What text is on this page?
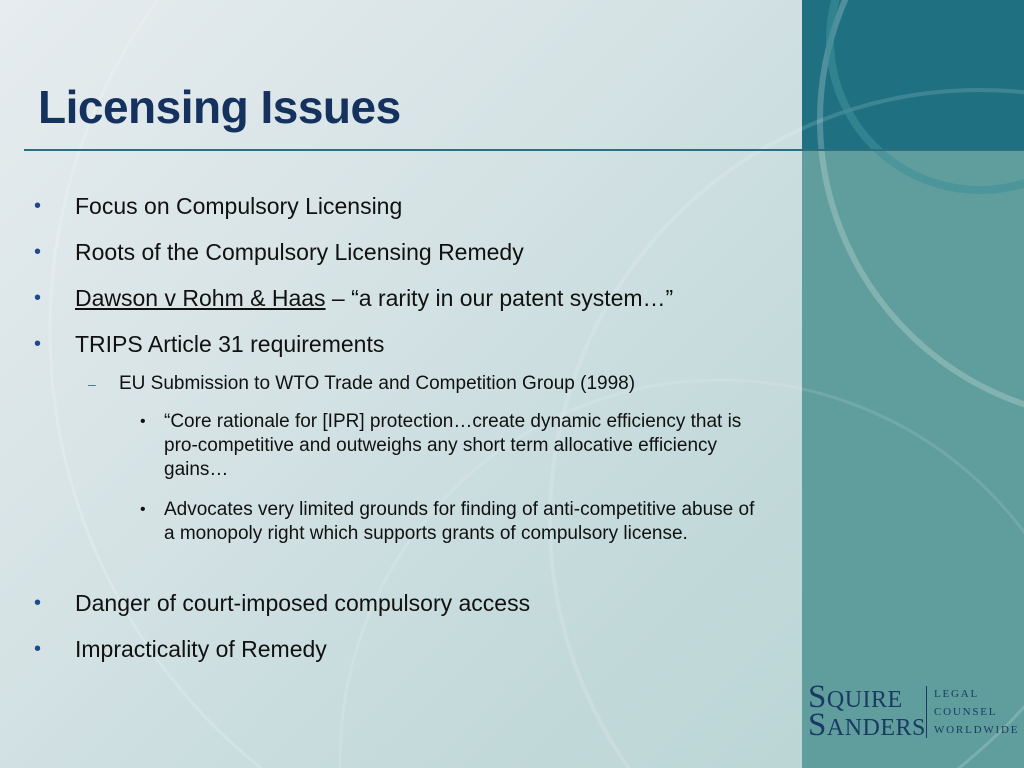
Licensing Issues
• Focus on Compulsory Licensing
• Roots of the Compulsory Licensing Remedy
• Dawson v Rohm & Haas – “a rarity in our patent system…”
• TRIPS Article 31 requirements
– EU Submission to WTO Trade and Competition Group (1998)
• “Core rationale for [IPR] protection…create dynamic efficiency that is pro-competitive and outweighs any short term allocative efficiency gains…
• Advocates very limited grounds for finding of anti-competitive abuse of a monopoly right which supports grants of compulsory license.
• Danger of court-imposed compulsory access
• Impracticality of Remedy
SQUIRE
SANDERS
LEGAL
COUNSEL
WORLDWIDE
